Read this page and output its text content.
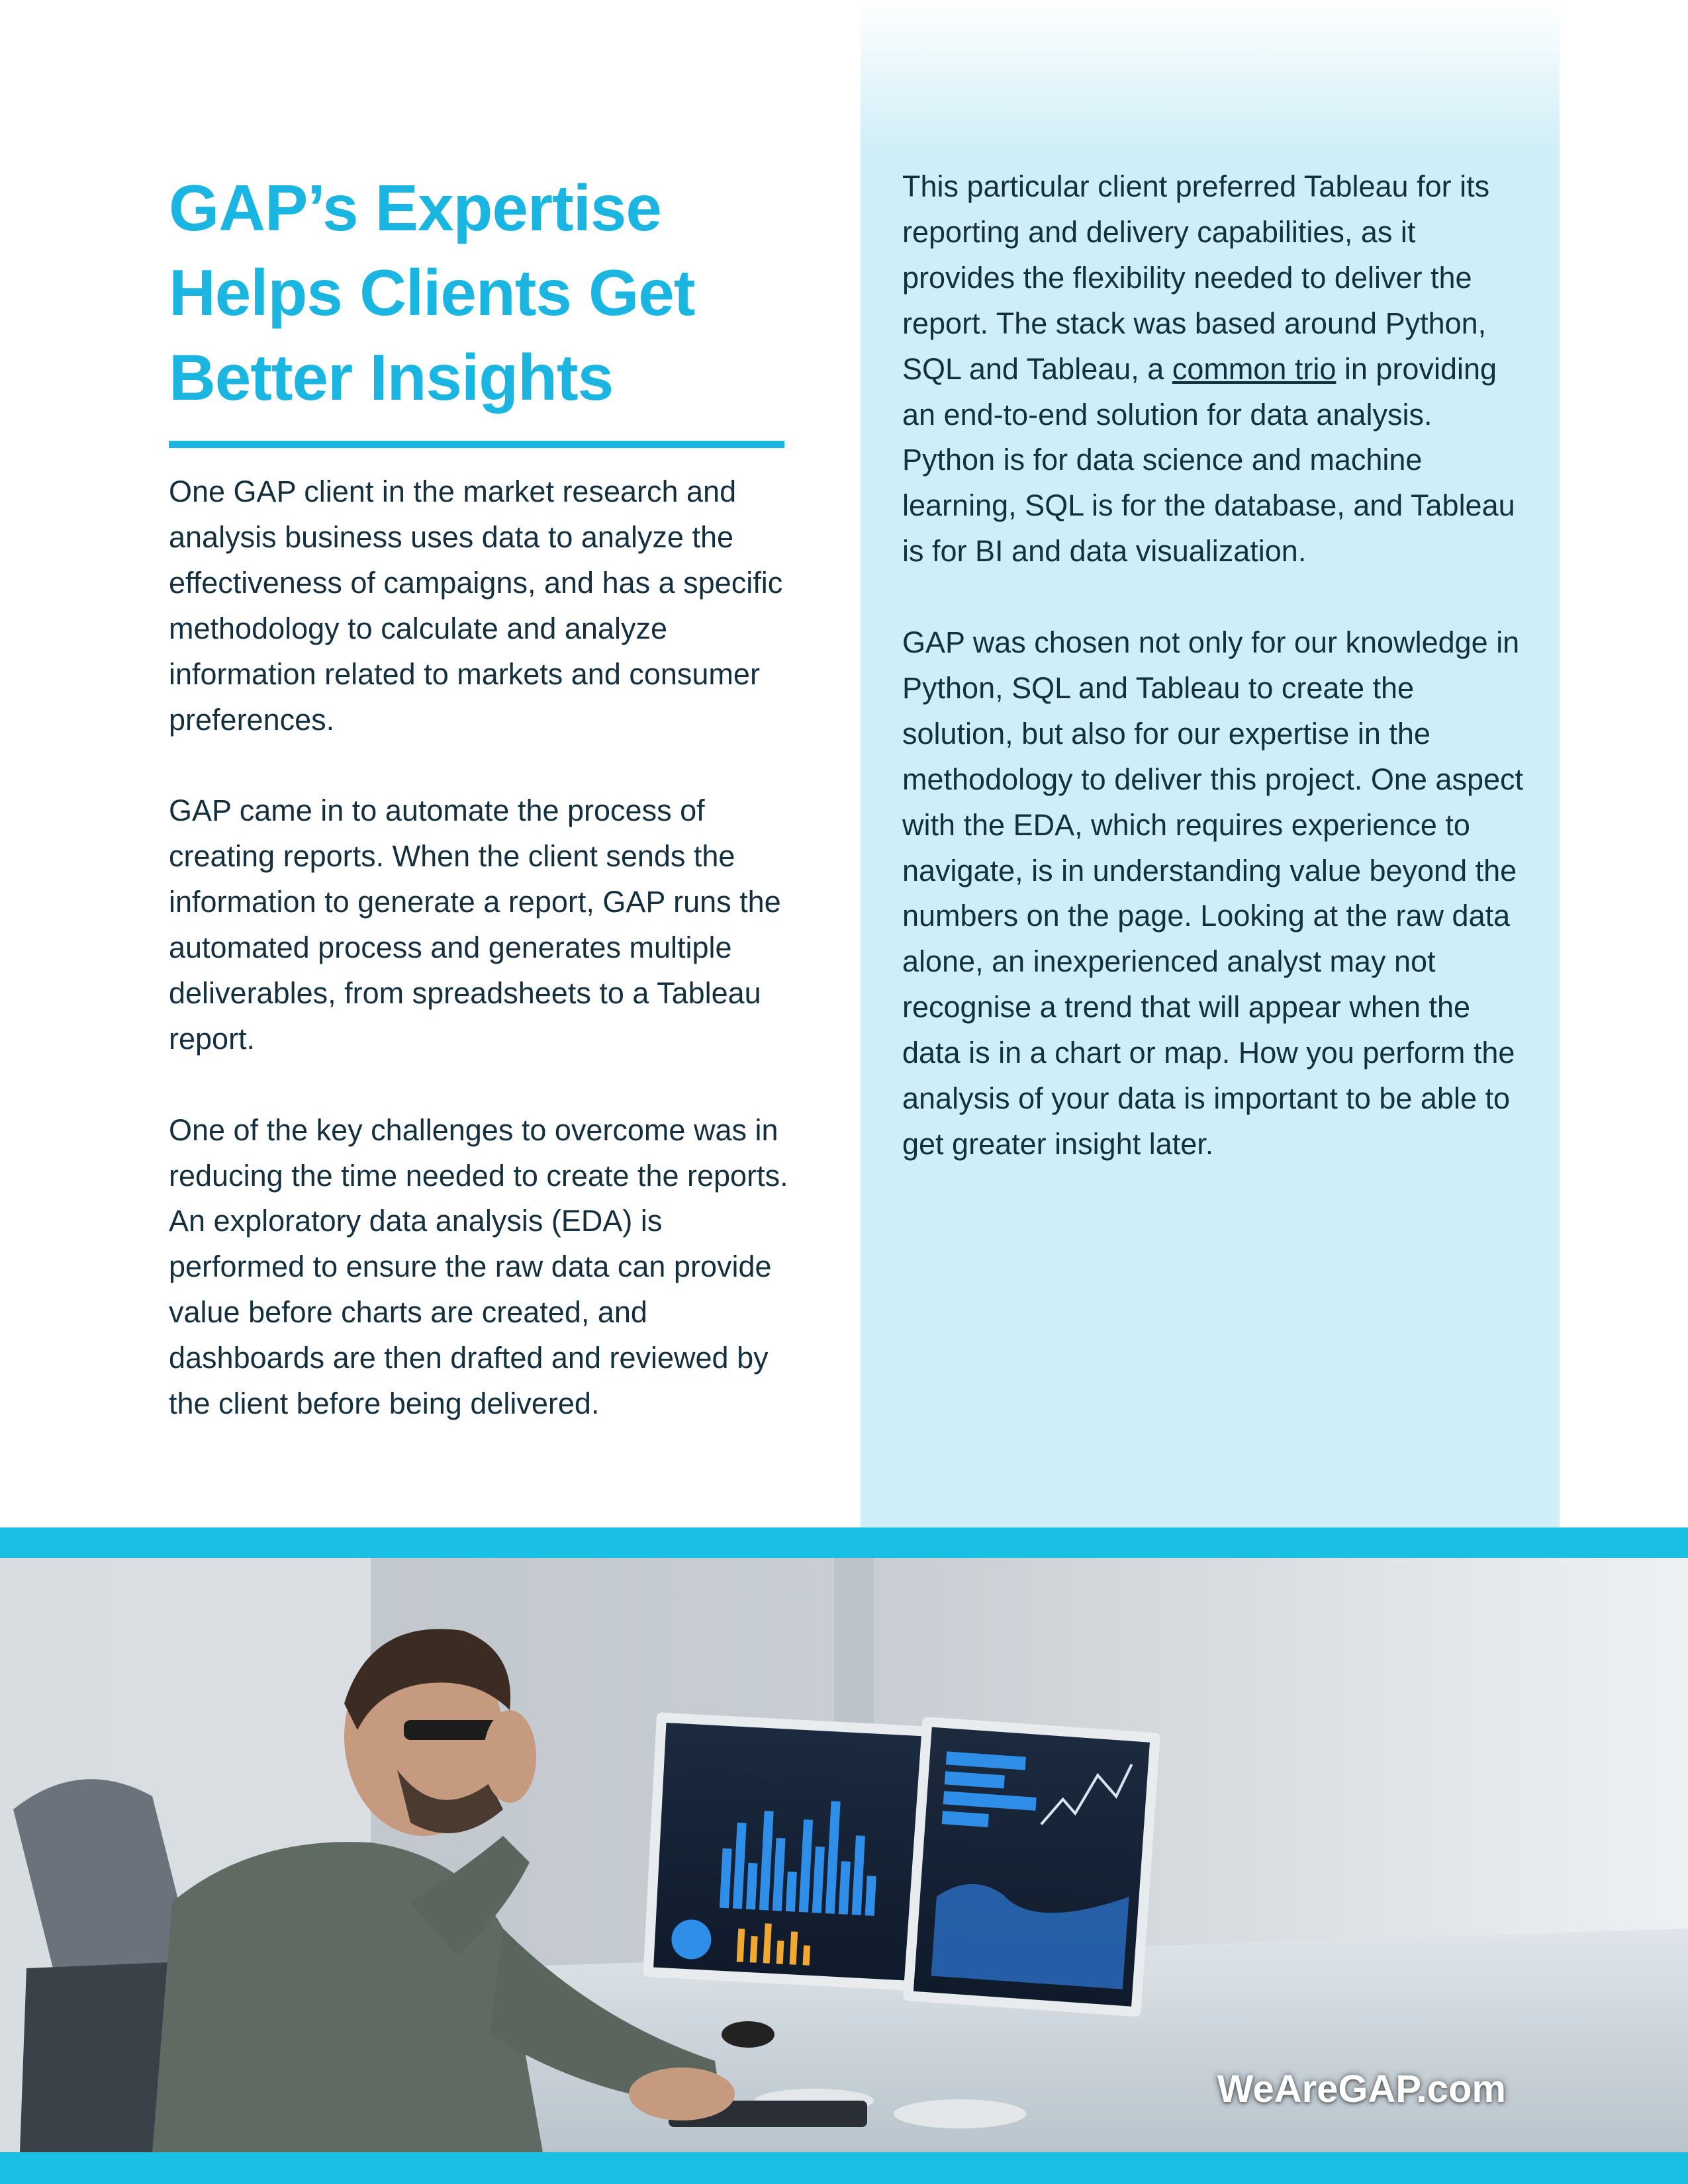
GAP’s Expertise
Helps Clients Get
Better Insights

One GAP client in the market research and analysis business uses data to analyze the effectiveness of campaigns, and has a specific methodology to calculate and analyze information related to markets and consumer preferences.

GAP came in to automate the process of creating reports. When the client sends the information to generate a report, GAP runs the automated process and generates multiple deliverables, from spreadsheets to a Tableau report.

One of the key challenges to overcome was in reducing the time needed to create the reports. An exploratory data analysis (EDA) is performed to ensure the raw data can provide value before charts are created, and dashboards are then drafted and reviewed by the client before being delivered.

This particular client preferred Tableau for its reporting and delivery capabilities, as it provides the flexibility needed to deliver the report. The stack was based around Python, SQL and Tableau, a common trio in providing an end-to-end solution for data analysis. Python is for data science and machine learning, SQL is for the database, and Tableau is for BI and data visualization.

GAP was chosen not only for our knowledge in Python, SQL and Tableau to create the solution, but also for our expertise in the methodology to deliver this project. One aspect with the EDA, which requires experience to navigate, is in understanding value beyond the numbers on the page. Looking at the raw data alone, an inexperienced analyst may not recognise a trend that will appear when the data is in a chart or map. How you perform the analysis of your data is important to be able to get greater insight later.

WeAreGAP.com
